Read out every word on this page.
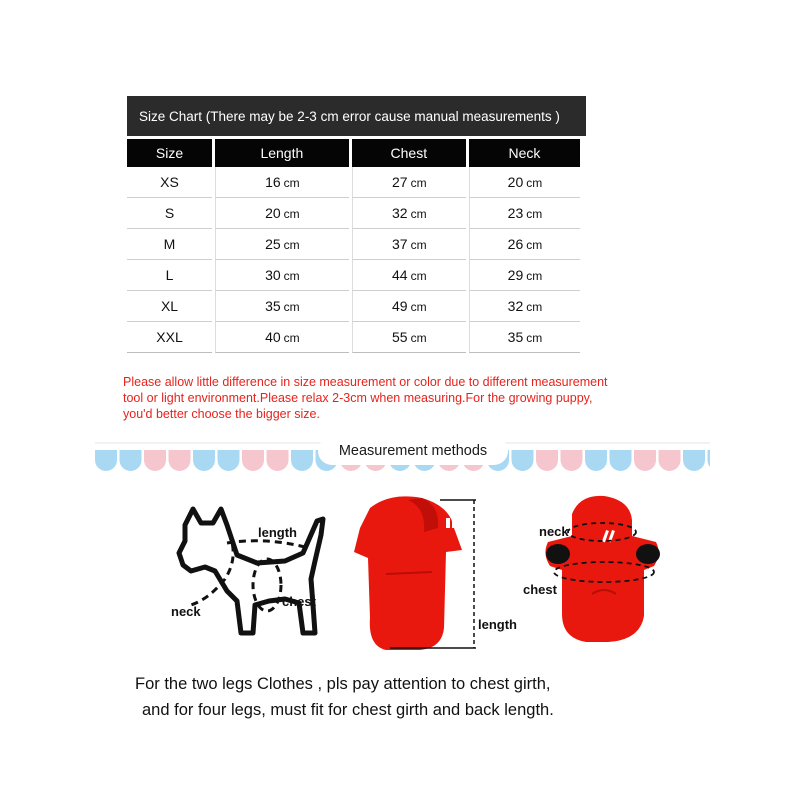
Size Chart (There may be 2-3 cm error cause manual measurements )
Size	Length	Chest	Neck
XS	16 cm	27 cm	20 cm
S	20 cm	32 cm	23 cm
M	25 cm	37 cm	26 cm
L	30 cm	44 cm	29 cm
XL	35 cm	49 cm	32 cm
XXL	40 cm	55 cm	35 cm

Please allow little difference in size measurement or color due to different measurement
tool or light environment.Please relax 2-3cm when measuring.For the growing puppy,
you'd better choose the bigger size.

Measurement methods
length
chest
neck
length
neck
chest

For the two legs Clothes , pls pay attention to chest girth,
and for four legs, must fit for chest girth and back length.
